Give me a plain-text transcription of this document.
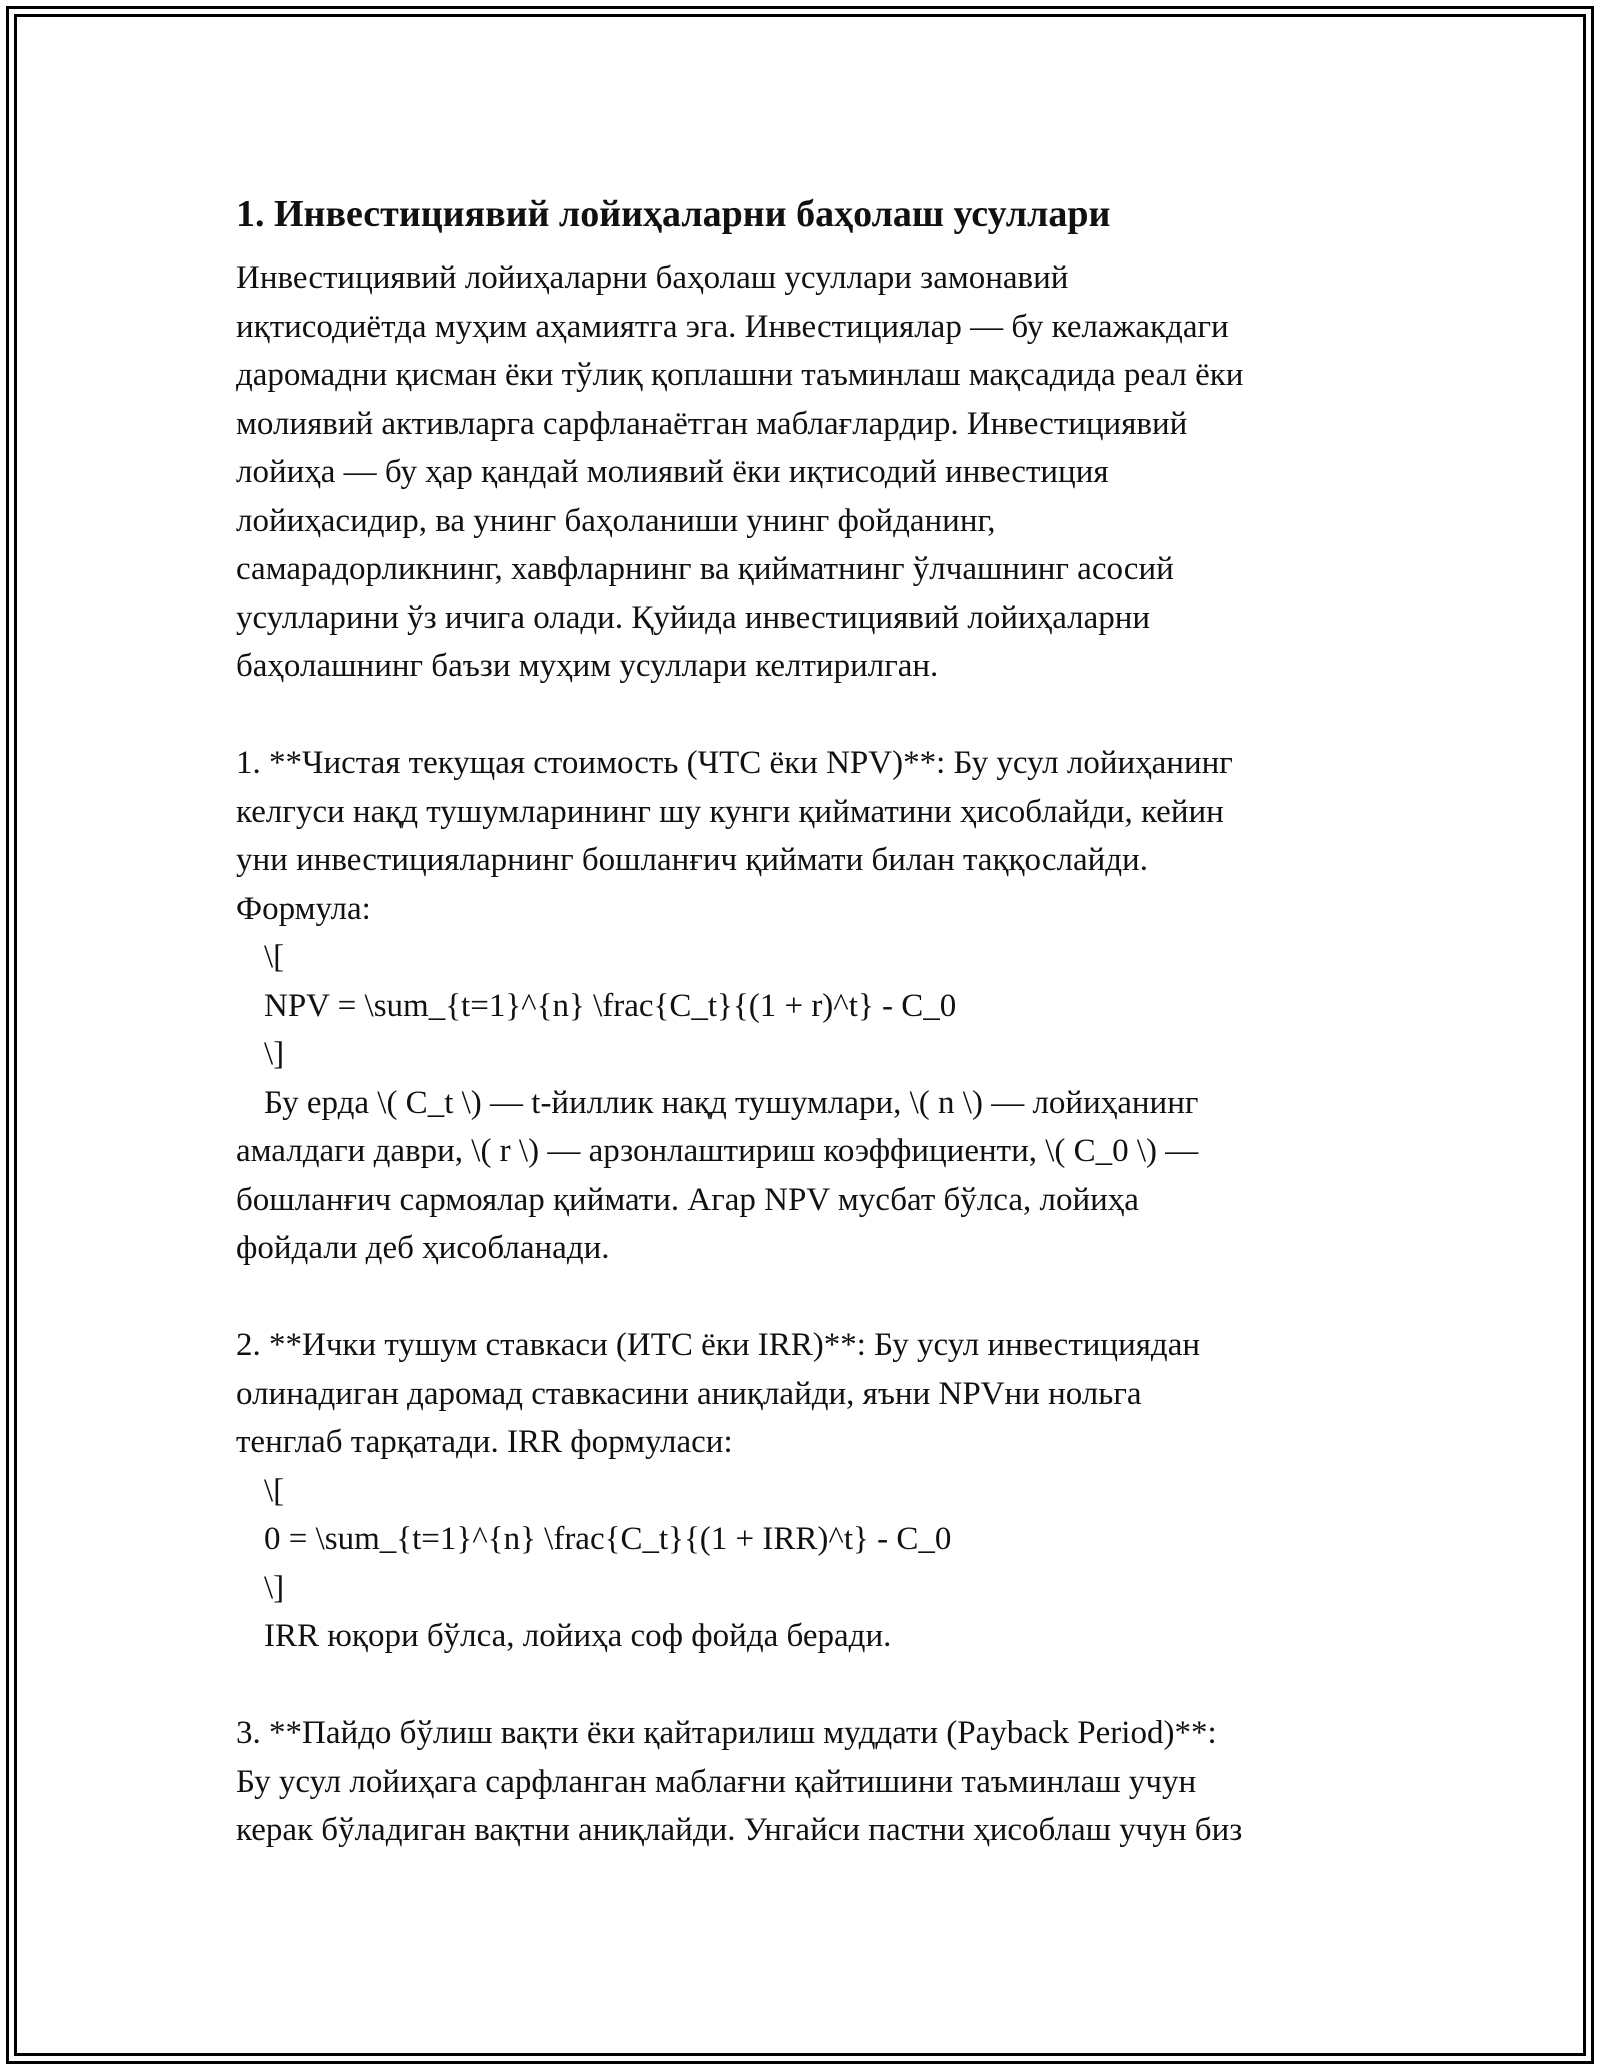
1. Инвестициявий лойиҳаларни баҳолаш усуллари
Инвестициявий лойиҳаларни баҳолаш усуллари замонавий
иқтисодиётда муҳим аҳамиятга эга. Инвестициялар — бу келажакдаги
даромадни қисман ёки тўлиқ қоплашни таъминлаш мақсадида реал ёки
молиявий активларга сарфланаётган маблағлардир. Инвестициявий
лойиҳа — бу ҳар қандай молиявий ёки иқтисодий инвестиция
лойиҳасидир, ва унинг баҳоланиши унинг фойданинг,
самарадорликнинг, хавфларнинг ва қийматнинг ўлчашнинг асосий
усулларини ўз ичига олади. Қуйида инвестициявий лойиҳаларни
баҳолашнинг баъзи муҳим усуллари келтирилган.
1. **Чистая текущая стоимость (ЧТС ёки NPV)**: Бу усул лойиҳанинг
келгуси нақд тушумларининг шу кунги қийматини ҳисоблайди, кейин
уни инвестицияларнинг бошланғич қиймати билан таққослайди.
Формула:
\[
NPV = \sum_{t=1}^{n} \frac{C_t}{(1 + r)^t} - C_0
\]
Бу ерда \( C_t \) — t-йиллик нақд тушумлари, \( n \) — лойиҳанинг
амалдаги даври, \( r \) — арзонлаштириш коэффициенти, \( C_0 \) —
бошланғич сармоялар қиймати. Агар NPV мусбат бўлса, лойиҳа
фойдали деб ҳисобланади.
2. **Ички тушум ставкаси (ИТС ёки IRR)**: Бу усул инвестициядан
олинадиган даромад ставкасини аниқлайди, яъни NPVни нольга
тенглаб тарқатади. IRR формуласи:
\[
0 = \sum_{t=1}^{n} \frac{C_t}{(1 + IRR)^t} - C_0
\]
IRR юқори бўлса, лойиҳа соф фойда беради.
3. **Пайдо бўлиш вақти ёки қайтарилиш муддати (Payback Period)**:
Бу усул лойиҳага сарфланган маблағни қайтишини таъминлаш учун
керак бўладиган вақтни аниқлайди. Унгайси пастни ҳисоблаш учун биз
